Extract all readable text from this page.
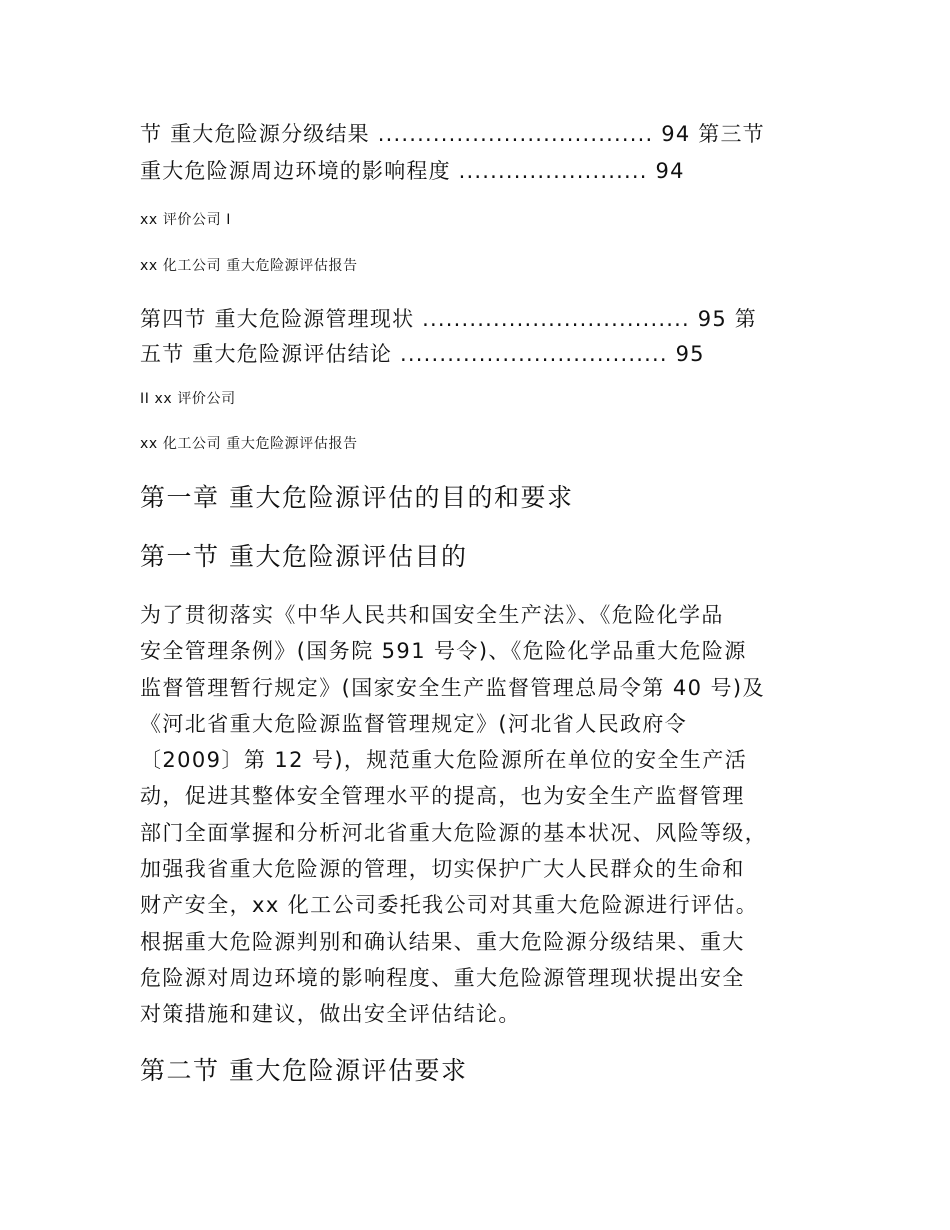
节 重大危险源分级结果 ................................... 94 第三节
重大危险源周边环境的影响程度 ........................ 94
xx 评价公司 I
xx 化工公司 重大危险源评估报告
第四节 重大危险源管理现状 .................................. 95 第
五节 重大危险源评估结论 .................................. 95
II xx 评价公司
xx 化工公司 重大危险源评估报告
第一章 重大危险源评估的目的和要求
第一节 重大危险源评估目的
为了贯彻落实《中华人民共和国安全生产法》、《危险化学品
安全管理条例》(国务院 591 号令)、《危险化学品重大危险源
监督管理暂行规定》(国家安全生产监督管理总局令第 40 号)及
《河北省重大危险源监督管理规定》(河北省人民政府令
〔2009〕第 12 号)，规范重大危险源所在单位的安全生产活
动，促进其整体安全管理水平的提高，也为安全生产监督管理
部门全面掌握和分析河北省重大危险源的基本状况、风险等级，
加强我省重大危险源的管理，切实保护广大人民群众的生命和
财产安全，xx 化工公司委托我公司对其重大危险源进行评估。
根据重大危险源判别和确认结果、重大危险源分级结果、重大
危险源对周边环境的影响程度、重大危险源管理现状提出安全
对策措施和建议，做出安全评估结论。
第二节 重大危险源评估要求
